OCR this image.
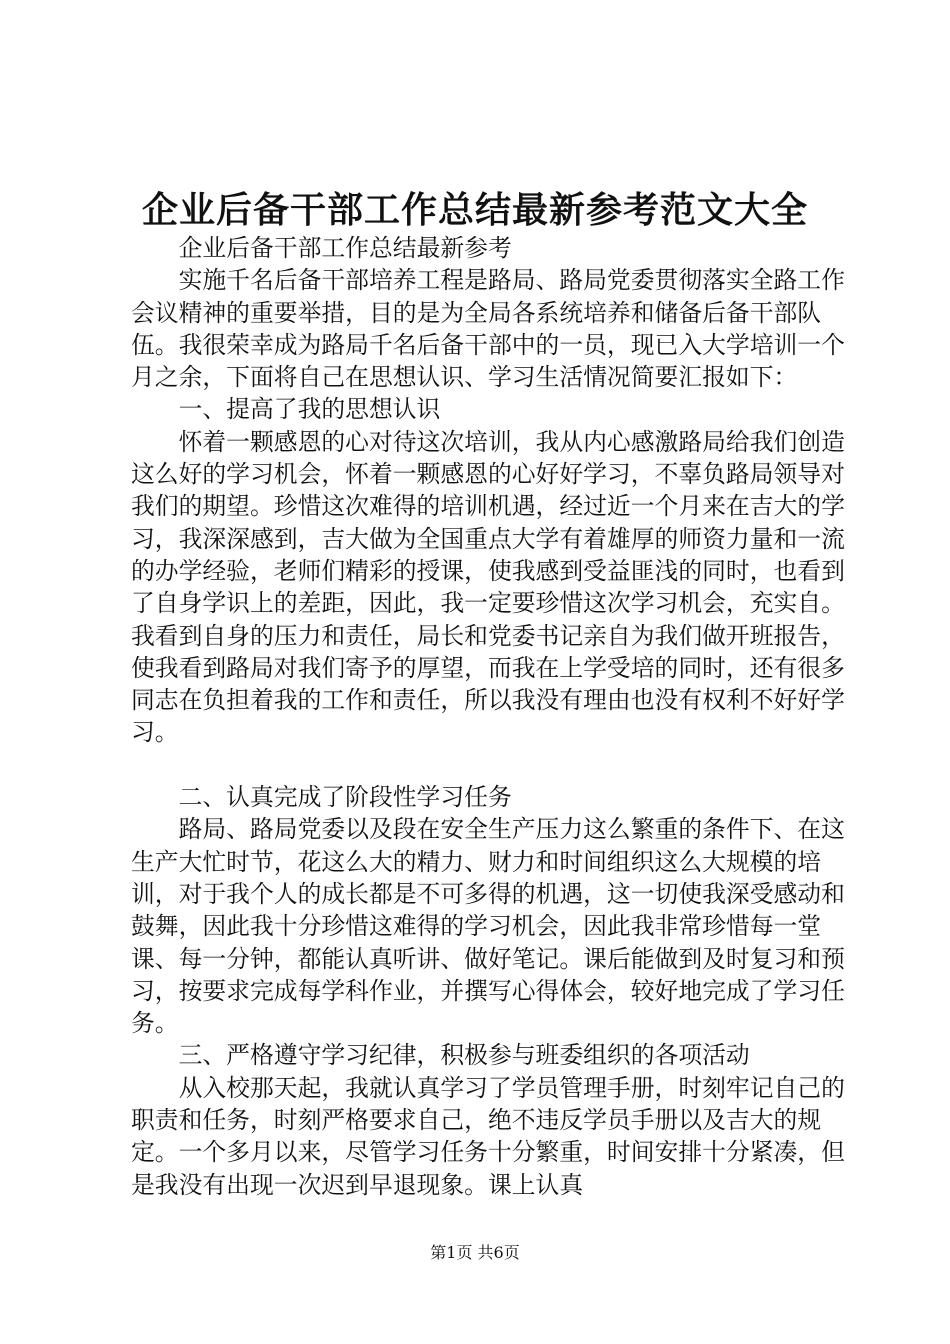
企业后备干部工作总结最新参考范文大全

企业后备干部工作总结最新参考

实施千名后备干部培养工程是路局、路局党委贯彻落实全路工作会议精神的重要举措，目的是为全局各系统培养和储备后备干部队伍。我很荣幸成为路局千名后备干部中的一员，现已入大学培训一个月之余，下面将自己在思想认识、学习生活情况简要汇报如下：

一、提高了我的思想认识

怀着一颗感恩的心对待这次培训，我从内心感激路局给我们创造这么好的学习机会，怀着一颗感恩的心好好学习，不辜负路局领导对我们的期望。珍惜这次难得的培训机遇，经过近一个月来在吉大的学习，我深深感到，吉大做为全国重点大学有着雄厚的师资力量和一流的办学经验，老师们精彩的授课，使我感到受益匪浅的同时，也看到了自身学识上的差距，因此，我一定要珍惜这次学习机会，充实自。我看到自身的压力和责任，局长和党委书记亲自为我们做开班报告，使我看到路局对我们寄予的厚望，而我在上学受培的同时，还有很多同志在负担着我的工作和责任，所以我没有理由也没有权利不好好学习。

二、认真完成了阶段性学习任务

路局、路局党委以及段在安全生产压力这么繁重的条件下、在这生产大忙时节，花这么大的精力、财力和时间组织这么大规模的培训，对于我个人的成长都是不可多得的机遇，这一切使我深受感动和鼓舞，因此我十分珍惜这难得的学习机会，因此我非常珍惜每一堂课、每一分钟，都能认真听讲、做好笔记。课后能做到及时复习和预习，按要求完成每学科作业，并撰写心得体会，较好地完成了学习任务。

三、严格遵守学习纪律，积极参与班委组织的各项活动

从入校那天起，我就认真学习了学员管理手册，时刻牢记自己的职责和任务，时刻严格要求自己，绝不违反学员手册以及吉大的规定。一个多月以来，尽管学习任务十分繁重，时间安排十分紧凑，但是我没有出现一次迟到早退现象。课上认真

第1页 共6页
